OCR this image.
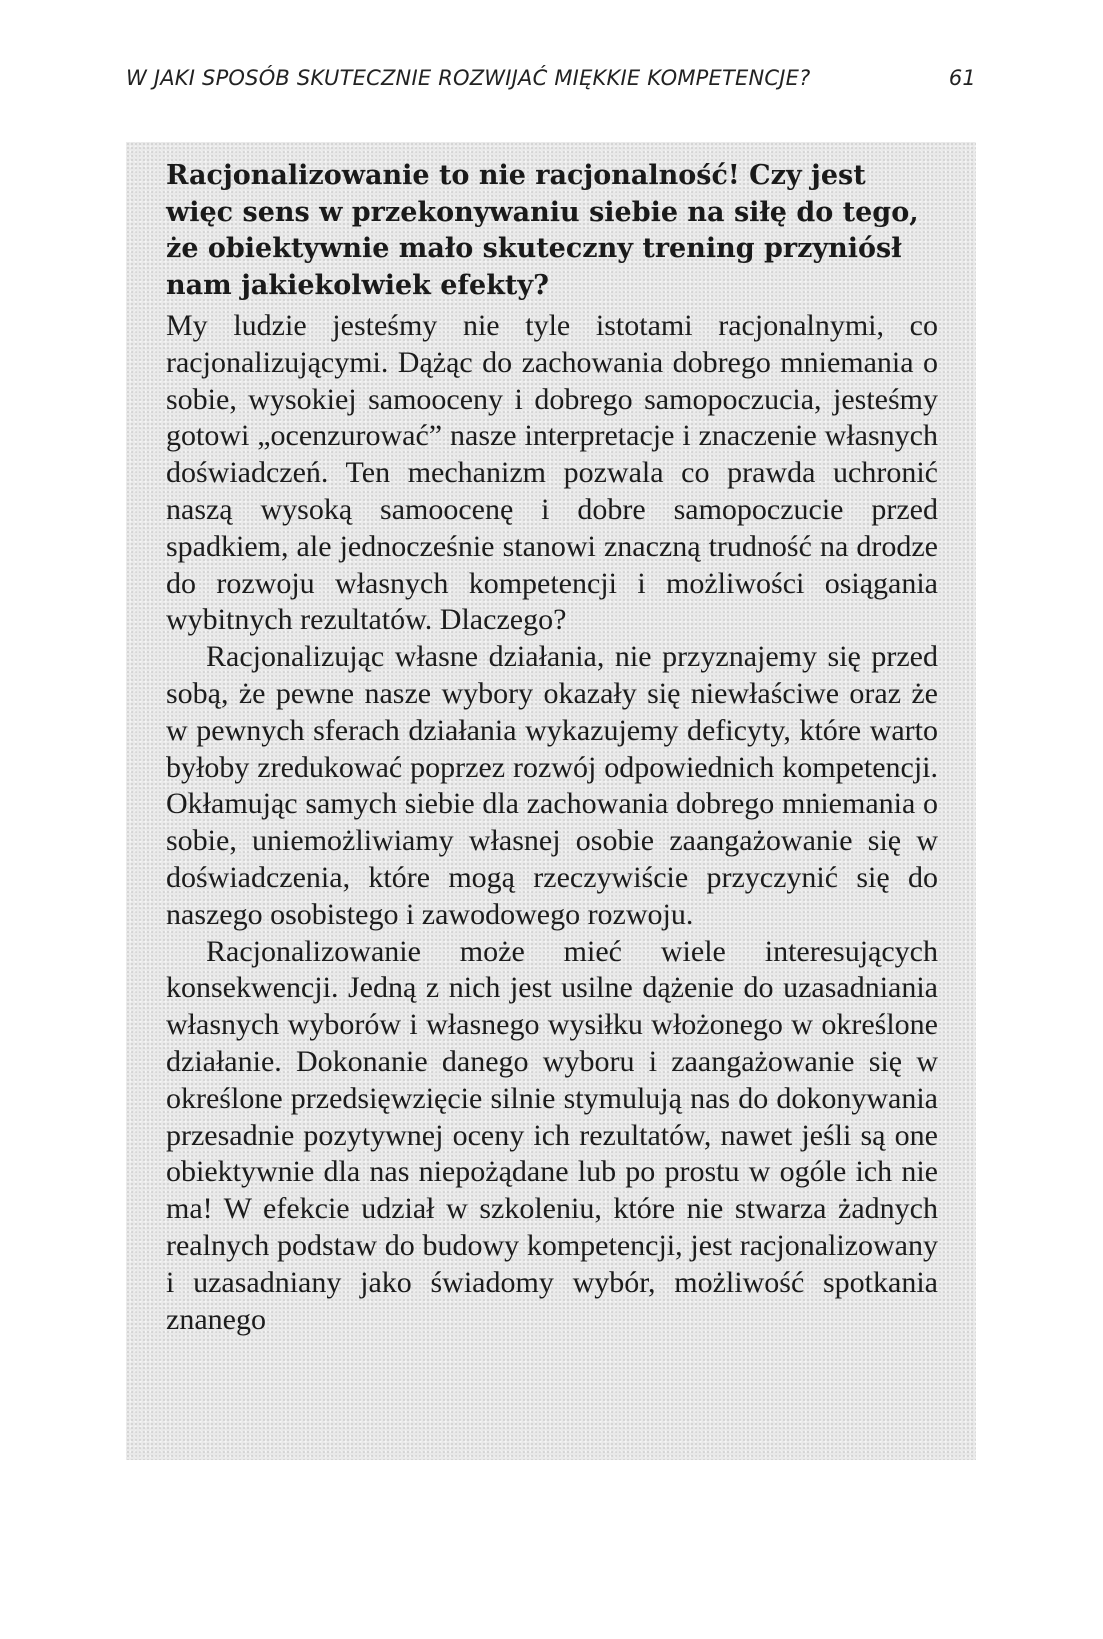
W JAKI SPOSÓB SKUTECZNIE ROZWIJAĆ MIĘKKIE KOMPETENCJE?	61
Racjonalizowanie to nie racjonalność! Czy jest więc sens w przekonywaniu siebie na siłę do tego, że obiektywnie mało skuteczny trening przyniósł nam jakiekolwiek efekty?

My ludzie jesteśmy nie tyle istotami racjonalnymi, co racjonalizującymi. Dążąc do zachowania dobrego mniemania o sobie, wysokiej samooceny i dobrego samopoczucia, jesteśmy gotowi „ocenzurować” nasze interpretacje i znaczenie własnych doświadczeń. Ten mechanizm pozwala co prawda uchronić naszą wysoką samoocenę i dobre samopoczucie przed spadkiem, ale jednocześnie stanowi znaczną trudność na drodze do rozwoju własnych kompetencji i możliwości osiągania wybitnych rezultatów. Dlaczego?

Racjonalizując własne działania, nie przyznajemy się przed sobą, że pewne nasze wybory okazały się niewłaściwe oraz że w pewnych sferach działania wykazujemy deficyty, które warto byłoby zredukować poprzez rozwój odpowiednich kompetencji. Okłamując samych siebie dla zachowania dobrego mniemania o sobie, uniemożliwiamy własnej osobie zaangażowanie się w doświadczenia, które mogą rzeczywiście przyczynić się do naszego osobistego i zawodowego rozwoju.

Racjonalizowanie może mieć wiele interesujących konsekwencji. Jedną z nich jest usilne dążenie do uzasadniania własnych wyborów i własnego wysiłku włożonego w określone działanie. Dokonanie danego wyboru i zaangażowanie się w określone przedsięwzięcie silnie stymulują nas do dokonywania przesadnie pozytywnej oceny ich rezultatów, nawet jeśli są one obiektywnie dla nas niepożądane lub po prostu w ogóle ich nie ma! W efekcie udział w szkoleniu, które nie stwarza żadnych realnych podstaw do budowy kompetencji, jest racjonalizowany i uzasadniany jako świadomy wybór, możliwość spotkania znanego
